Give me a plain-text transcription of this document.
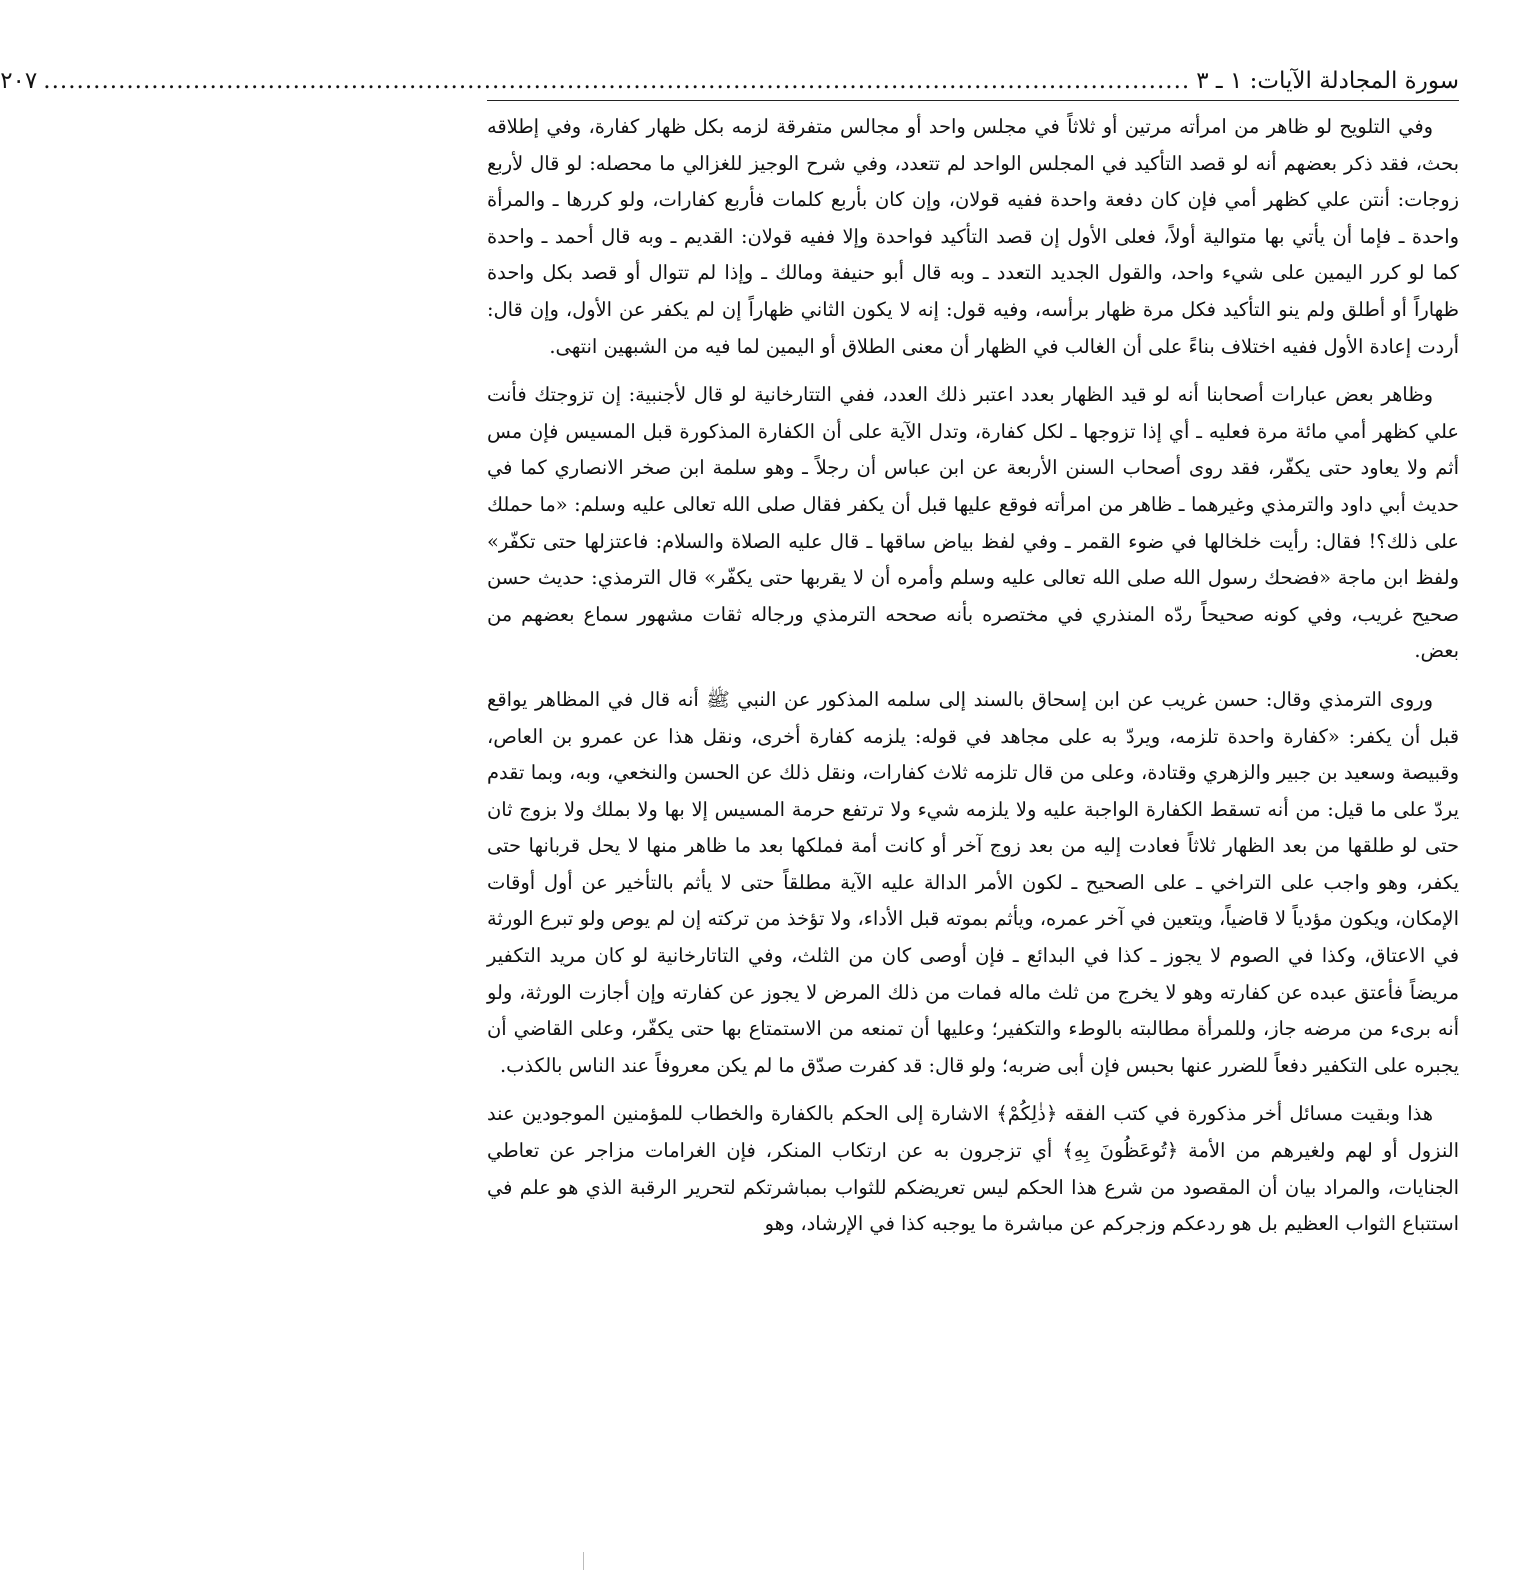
سورة المجادلة الآيات: ١ ـ ٣
..........................................................................................................................................
٢٠٧

وفي التلويح لو ظاهر من امرأته مرتين أو ثلاثاً في مجلس واحد أو مجالس متفرقة لزمه بكل ظهار كفارة، وفي إطلاقه بحث، فقد ذكر بعضهم أنه لو قصد التأكيد في المجلس الواحد لم تتعدد، وفي شرح الوجيز للغزالي ما محصله: لو قال لأربع زوجات: أنتن علي كظهر أمي فإن كان دفعة واحدة ففيه قولان، وإن كان بأربع كلمات فأربع كفارات، ولو كررها ـ والمرأة واحدة ـ فإما أن يأتي بها متوالية أولاً، فعلى الأول إن قصد التأكيد فواحدة وإلا ففيه قولان: القديم ـ وبه قال أحمد ـ واحدة كما لو كرر اليمين على شيء واحد، والقول الجديد التعدد ـ وبه قال أبو حنيفة ومالك ـ وإذا لم تتوال أو قصد بكل واحدة ظهاراً أو أطلق ولم ينو التأكيد فكل مرة ظهار برأسه، وفيه قول: إنه لا يكون الثاني ظهاراً إن لم يكفر عن الأول، وإن قال: أردت إعادة الأول ففيه اختلاف بناءً على أن الغالب في الظهار أن معنى الطلاق أو اليمين لما فيه من الشبهين انتهى.

وظاهر بعض عبارات أصحابنا أنه لو قيد الظهار بعدد اعتبر ذلك العدد، ففي التتارخانية لو قال لأجنبية: إن تزوجتك فأنت علي كظهر أمي مائة مرة فعليه ـ أي إذا تزوجها ـ لكل كفارة، وتدل الآية على أن الكفارة المذكورة قبل المسيس فإن مس أثم ولا يعاود حتى يكفّر، فقد روى أصحاب السنن الأربعة عن ابن عباس أن رجلاً ـ وهو سلمة ابن صخر الانصاري كما في حديث أبي داود والترمذي وغيرهما ـ ظاهر من امرأته فوقع عليها قبل أن يكفر فقال صلى الله تعالى عليه وسلم: «ما حملك على ذلك؟! فقال: رأيت خلخالها في ضوء القمر ـ وفي لفظ بياض ساقها ـ قال عليه الصلاة والسلام: فاعتزلها حتى تكفّر» ولفظ ابن ماجة «فضحك رسول الله صلى الله تعالى عليه وسلم وأمره أن لا يقربها حتى يكفّر» قال الترمذي: حديث حسن صحيح غريب، وفي كونه صحيحاً ردّه المنذري في مختصره بأنه صححه الترمذي ورجاله ثقات مشهور سماع بعضهم من بعض.

وروى الترمذي وقال: حسن غريب عن ابن إسحاق بالسند إلى سلمه المذكور عن النبي ﷺ أنه قال في المظاهر يواقع قبل أن يكفر: «كفارة واحدة تلزمه، ويردّ به على مجاهد في قوله: يلزمه كفارة أخرى، ونقل هذا عن عمرو بن العاص، وقبيصة وسعيد بن جبير والزهري وقتادة، وعلى من قال تلزمه ثلاث كفارات، ونقل ذلك عن الحسن والنخعي، وبه، وبما تقدم يردّ على ما قيل: من أنه تسقط الكفارة الواجبة عليه ولا يلزمه شيء ولا ترتفع حرمة المسيس إلا بها ولا بملك ولا بزوج ثان حتى لو طلقها من بعد الظهار ثلاثاً فعادت إليه من بعد زوج آخر أو كانت أمة فملكها بعد ما ظاهر منها لا يحل قربانها حتى يكفر، وهو واجب على التراخي ـ على الصحيح ـ لكون الأمر الدالة عليه الآية مطلقاً حتى لا يأثم بالتأخير عن أول أوقات الإمكان، ويكون مؤدياً لا قاضياً، ويتعين في آخر عمره، ويأثم بموته قبل الأداء، ولا تؤخذ من تركته إن لم يوص ولو تبرع الورثة في الاعتاق، وكذا في الصوم لا يجوز ـ كذا في البدائع ـ فإن أوصى كان من الثلث، وفي التاتارخانية لو كان مريد التكفير مريضاً فأعتق عبده عن كفارته وهو لا يخرج من ثلث ماله فمات من ذلك المرض لا يجوز عن كفارته وإن أجازت الورثة، ولو أنه برىء من مرضه جاز، وللمرأة مطالبته بالوطء والتكفير؛ وعليها أن تمنعه من الاستمتاع بها حتى يكفّر، وعلى القاضي أن يجبره على التكفير دفعاً للضرر عنها بحبس فإن أبى ضربه؛ ولو قال: قد كفرت صدّق ما لم يكن معروفاً عند الناس بالكذب.

هذا وبقيت مسائل أخر مذكورة في كتب الفقه ﴿ذٰلِكُمْ﴾ الاشارة إلى الحكم بالكفارة والخطاب للمؤمنين الموجودين عند النزول أو لهم ولغيرهم من الأمة ﴿تُوعَظُونَ بِهِ﴾ أي تزجرون به عن ارتكاب المنكر، فإن الغرامات مزاجر عن تعاطي الجنايات، والمراد بيان أن المقصود من شرع هذا الحكم ليس تعريضكم للثواب بمباشرتكم لتحرير الرقبة الذي هو علم في استتباع الثواب العظيم بل هو ردعكم وزجركم عن مباشرة ما يوجبه كذا في الإرشاد، وهو
